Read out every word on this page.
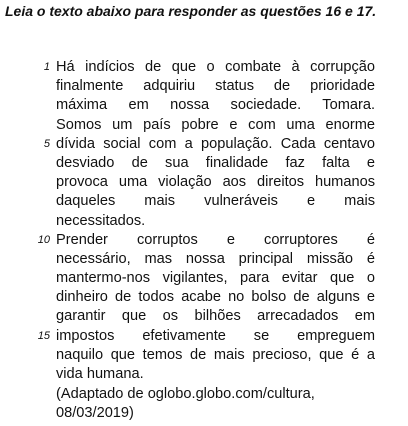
Leia o texto abaixo para responder as questões 16 e 17.
1 Há indícios de que o combate à corrupção
finalmente adquiriu status de prioridade
máxima em nossa sociedade. Tomara.
Somos um país pobre e com uma enorme
5 dívida social com a população. Cada centavo
desviado de sua finalidade faz falta e
provoca uma violação aos direitos humanos
daqueles mais vulneráveis e mais
necessitados.
10 Prender corruptos e corruptores é
necessário, mas nossa principal missão é
mantermo-nos vigilantes, para evitar que o
dinheiro de todos acabe no bolso de alguns e
garantir que os bilhões arrecadados em
15 impostos efetivamente se empreguem
naquilo que temos de mais precioso, que é a
vida humana.
(Adaptado de oglobo.globo.com/cultura,
08/03/2019)
